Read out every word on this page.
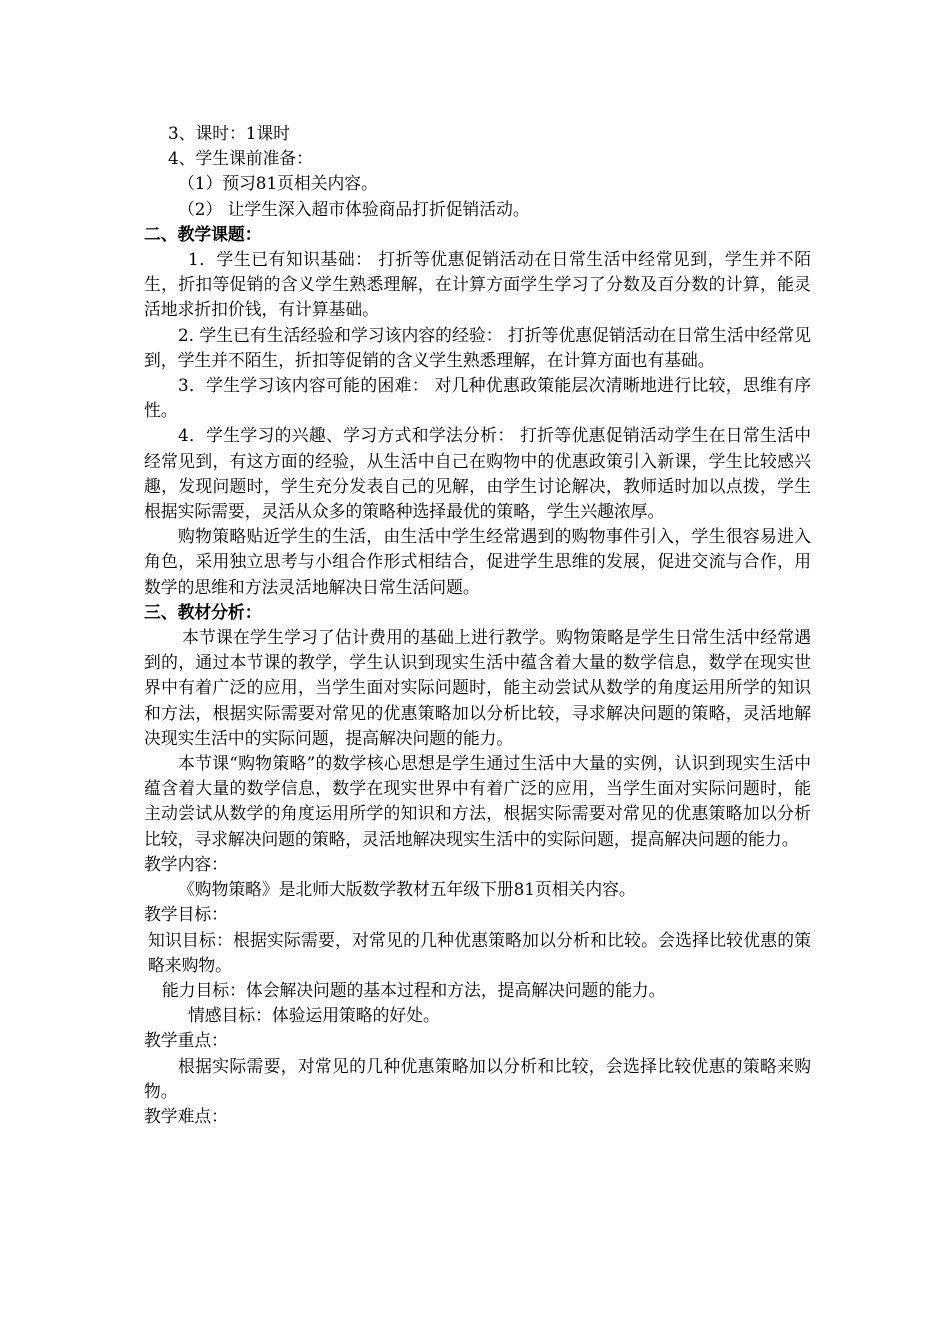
3、课时：1课时

4、学生课前准备：

（1）预习81页相关内容。

（2） 让学生深入超市体验商品打折促销活动。

二、教学课题：

1．学生已有知识基础： 打折等优惠促销活动在日常生活中经常见到，学生并不陌生，折扣等促销的含义学生熟悉理解，在计算方面学生学习了分数及百分数的计算，能灵活地求折扣价钱，有计算基础。

2. 学生已有生活经验和学习该内容的经验： 打折等优惠促销活动在日常生活中经常见到，学生并不陌生，折扣等促销的含义学生熟悉理解，在计算方面也有基础。

3．学生学习该内容可能的困难： 对几种优惠政策能层次清晰地进行比较，思维有序性。

4．学生学习的兴趣、学习方式和学法分析： 打折等优惠促销活动学生在日常生活中经常见到，有这方面的经验，从生活中自己在购物中的优惠政策引入新课，学生比较感兴趣，发现问题时，学生充分发表自己的见解，由学生讨论解决，教师适时加以点拨，学生根据实际需要，灵活从众多的策略种选择最优的策略，学生兴趣浓厚。

购物策略贴近学生的生活，由生活中学生经常遇到的购物事件引入，学生很容易进入角色，采用独立思考与小组合作形式相结合，促进学生思维的发展，促进交流与合作，用数学的思维和方法灵活地解决日常生活问题。

三、教材分析：

本节课在学生学习了估计费用的基础上进行教学。购物策略是学生日常生活中经常遇到的，通过本节课的教学，学生认识到现实生活中蕴含着大量的数学信息，数学在现实世界中有着广泛的应用，当学生面对实际问题时，能主动尝试从数学的角度运用所学的知识和方法，根据实际需要对常见的优惠策略加以分析比较，寻求解决问题的策略，灵活地解决现实生活中的实际问题，提高解决问题的能力。

本节课“购物策略”的数学核心思想是学生通过生活中大量的实例，认识到现实生活中蕴含着大量的数学信息，数学在现实世界中有着广泛的应用，当学生面对实际问题时，能主动尝试从数学的角度运用所学的知识和方法，根据实际需要对常见的优惠策略加以分析比较，寻求解决问题的策略，灵活地解决现实生活中的实际问题，提高解决问题的能力。

教学内容：

《购物策略》是北师大版数学教材五年级下册81页相关内容。

教学目标：

知识目标：根据实际需要，对常见的几种优惠策略加以分析和比较。会选择比较优惠的策略来购物。

能力目标：体会解决问题的基本过程和方法，提高解决问题的能力。

情感目标：体验运用策略的好处。

教学重点：

根据实际需要，对常见的几种优惠策略加以分析和比较，会选择比较优惠的策略来购物。

教学难点：
